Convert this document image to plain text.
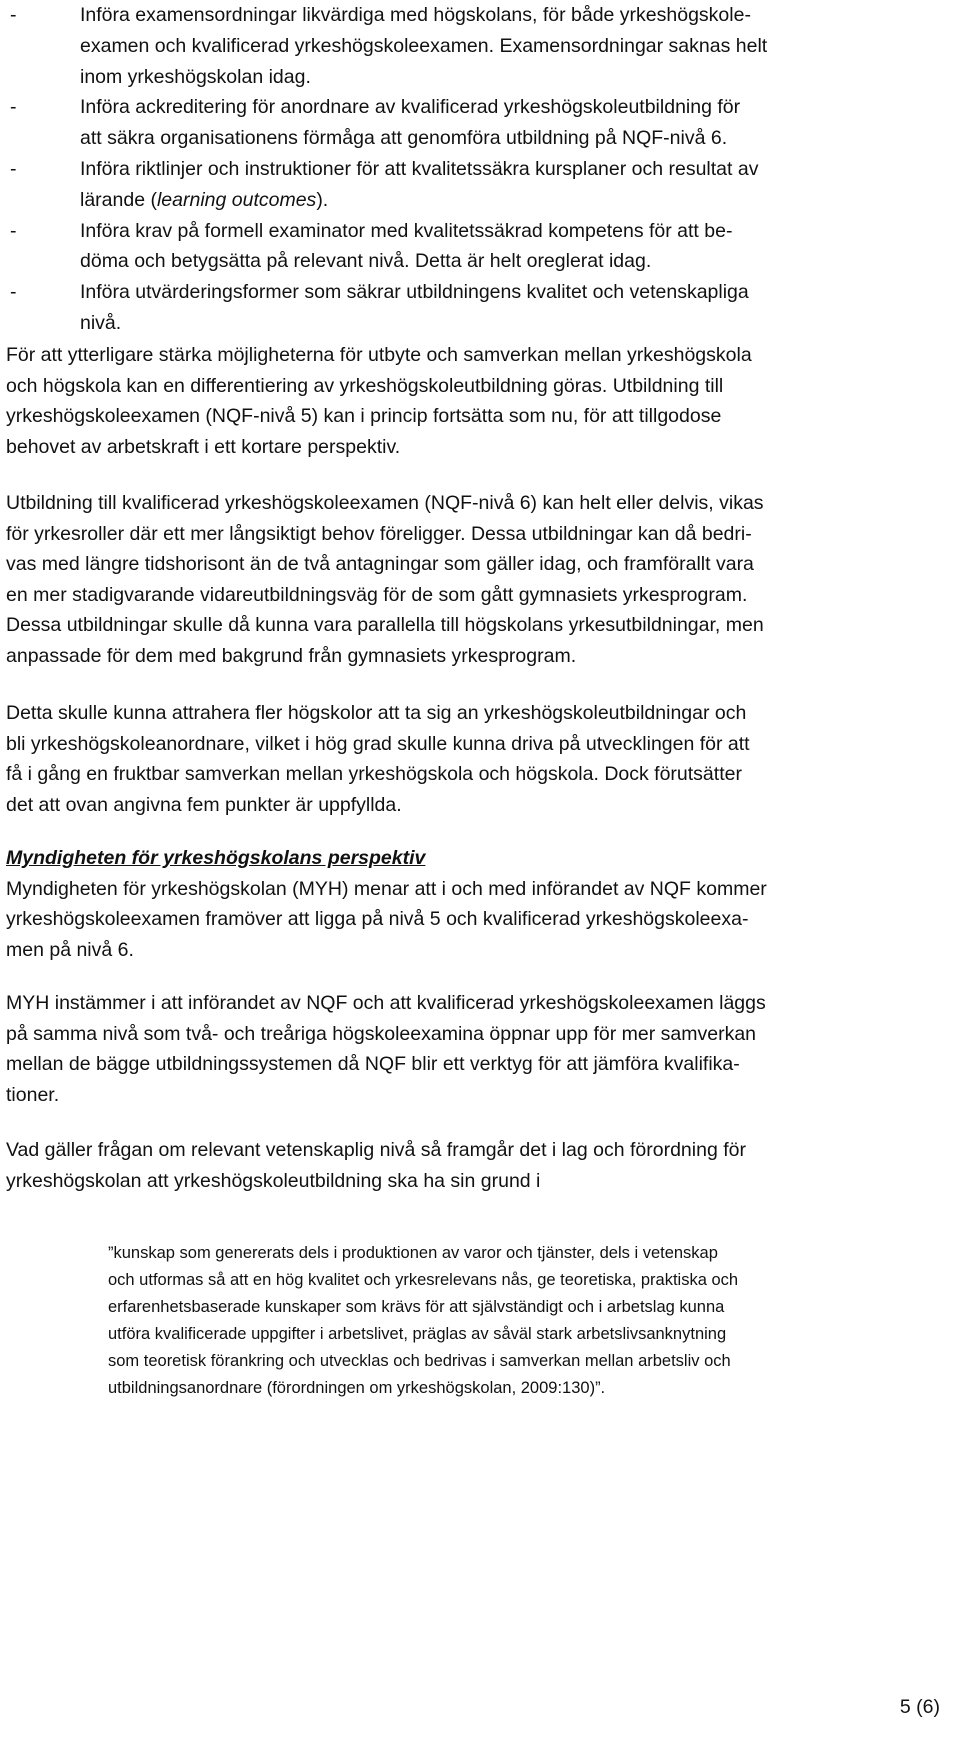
-	Införa examensordningar likvärdiga med högskolans, för både yrkeshögskole-
examen och kvalificerad yrkeshögskoleexamen. Examensordningar saknas helt
inom yrkeshögskolan idag.
-	Införa ackreditering för anordnare av kvalificerad yrkeshögskoleutbildning för
att säkra organisationens förmåga att genomföra utbildning på NQF-nivå 6.
-	Införa riktlinjer och instruktioner för att kvalitetssäkra kursplaner och resultat av
lärande (learning outcomes).
-	Införa krav på formell examinator med kvalitetssäkrad kompetens för att be-
döma och betygsätta på relevant nivå. Detta är helt oreglerat idag.
-	Införa utvärderingsformer som säkrar utbildningens kvalitet och vetenskapliga
nivå.

För att ytterligare stärka möjligheterna för utbyte och samverkan mellan yrkeshögskola
och högskola kan en differentiering av yrkeshögskoleutbildning göras. Utbildning till
yrkeshögskoleexamen (NQF-nivå 5) kan i princip fortsätta som nu, för att tillgodose
behovet av arbetskraft i ett kortare perspektiv.

Utbildning till kvalificerad yrkeshögskoleexamen (NQF-nivå 6) kan helt eller delvis, vikas
för yrkesroller där ett mer långsiktigt behov föreligger. Dessa utbildningar kan då bedri-
vas med längre tidshorisont än de två antagningar som gäller idag, och framförallt vara
en mer stadigvarande vidareutbildningsväg för de som gått gymnasiets yrkesprogram.
Dessa utbildningar skulle då kunna vara parallella till högskolans yrkesutbildningar, men
anpassade för dem med bakgrund från gymnasiets yrkesprogram.

Detta skulle kunna attrahera fler högskolor att ta sig an yrkeshögskoleutbildningar och
bli yrkeshögskoleanordnare, vilket i hög grad skulle kunna driva på utvecklingen för att
få i gång en fruktbar samverkan mellan yrkeshögskola och högskola. Dock förutsätter
det att ovan angivna fem punkter är uppfyllda.

Myndigheten för yrkeshögskolans perspektiv
Myndigheten för yrkeshögskolan (MYH) menar att i och med införandet av NQF kommer
yrkeshögskoleexamen framöver att ligga på nivå 5 och kvalificerad yrkeshögskoleexa-
men på nivå 6.

MYH instämmer i att införandet av NQF och att kvalificerad yrkeshögskoleexamen läggs
på samma nivå som två- och treåriga högskoleexamina öppnar upp för mer samverkan
mellan de bägge utbildningssystemen då NQF blir ett verktyg för att jämföra kvalifika-
tioner.

Vad gäller frågan om relevant vetenskaplig nivå så framgår det i lag och förordning för
yrkeshögskolan att yrkeshögskoleutbildning ska ha sin grund i

”kunskap som genererats dels i produktionen av varor och tjänster, dels i vetenskap
och utformas så att en hög kvalitet och yrkesrelevans nås, ge teoretiska, praktiska och
erfarenhetsbaserade kunskaper som krävs för att självständigt och i arbetslag kunna
utföra kvalificerade uppgifter i arbetslivet, präglas av såväl stark arbetslivsanknytning
som teoretisk förankring och utvecklas och bedrivas i samverkan mellan arbetsliv och
utbildningsanordnare (förordningen om yrkeshögskolan, 2009:130)”.

5 (6)
